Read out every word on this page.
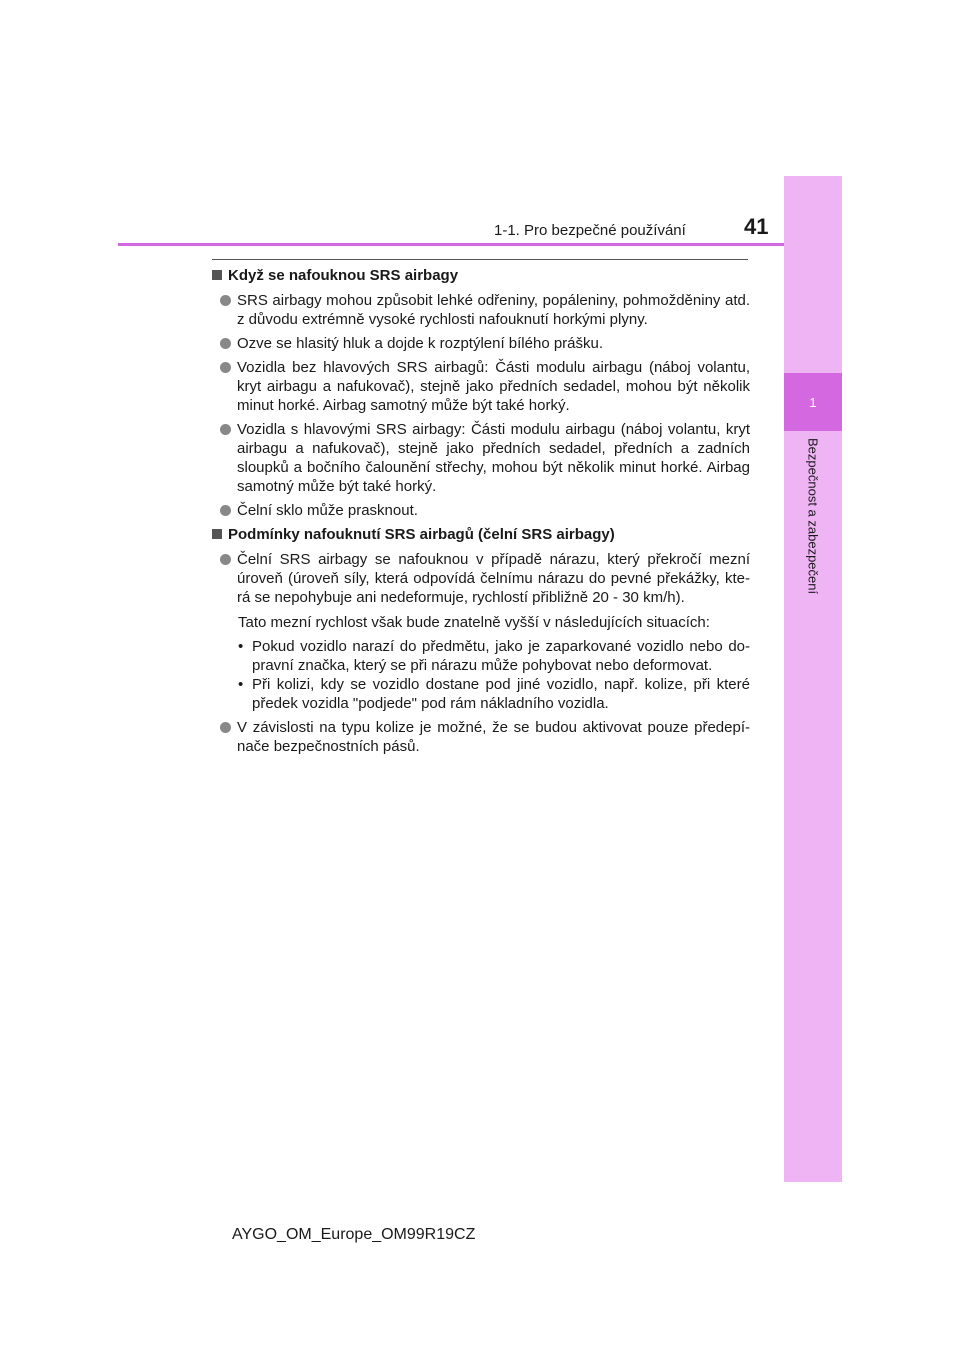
1
Bezpečnost a zabezpečení
1-1. Pro bezpečné používání	41
Když se nafouknou SRS airbagy
SRS airbagy mohou způsobit lehké odřeniny, popáleniny, pohmožděniny atd. z důvodu extrémně vysoké rychlosti nafouknutí horkými plyny.
Ozve se hlasitý hluk a dojde k rozptýlení bílého prášku.
Vozidla bez hlavových SRS airbagů: Části modulu airbagu (náboj volantu, kryt airbagu a nafukovač), stejně jako předních sedadel, mohou být několik minut horké. Airbag samotný může být také horký.
Vozidla s hlavovými SRS airbagy: Části modulu airbagu (náboj volantu, kryt airbagu a nafukovač), stejně jako předních sedadel, předních a zadních sloupků a bočního čalounění střechy, mohou být několik minut horké. Airbag samotný může být také horký.
Čelní sklo může prasknout.
Podmínky nafouknutí SRS airbagů (čelní SRS airbagy)
Čelní SRS airbagy se nafouknou v případě nárazu, který překročí mezní úroveň (úroveň síly, která odpovídá čelnímu nárazu do pevné překážky, kte-rá se nepohybuje ani nedeformuje, rychlostí přibližně 20 - 30 km/h).
Tato mezní rychlost však bude znatelně vyšší v následujících situacích:
• Pokud vozidlo narazí do předmětu, jako je zaparkované vozidlo nebo do-pravní značka, který se při nárazu může pohybovat nebo deformovat.
• Při kolizi, kdy se vozidlo dostane pod jiné vozidlo, např. kolize, při které předek vozidla "podjede" pod rám nákladního vozidla.
V závislosti na typu kolize je možné, že se budou aktivovat pouze předepí-nače bezpečnostních pásů.
AYGO_OM_Europe_OM99R19CZ
